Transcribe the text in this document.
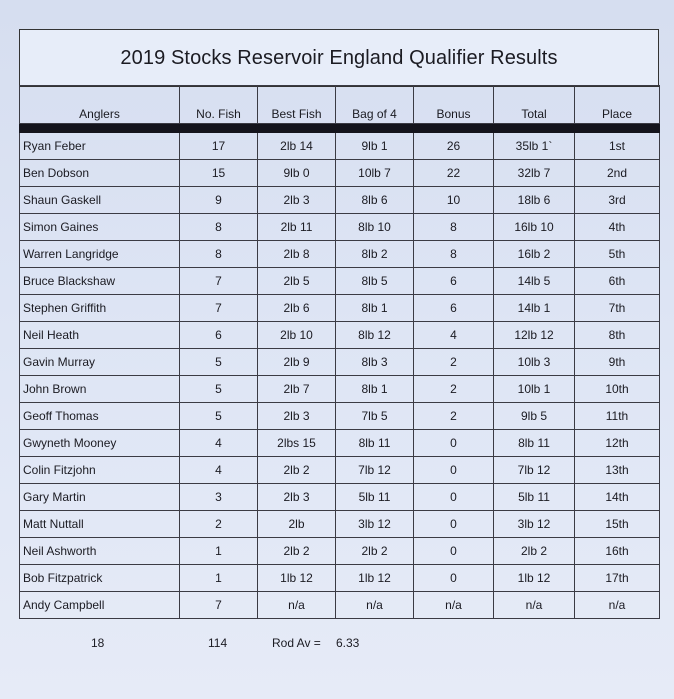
2019 Stocks Reservoir England Qualifier Results
Anglers	No. Fish	Best Fish	Bag of 4	Bonus	Total	Place

Ryan Feber	17	2lb 14	9lb 1	26	35lb 1`	1st
Ben Dobson	15	9lb 0	10lb 7	22	32lb 7	2nd
Shaun Gaskell	9	2lb 3	8lb 6	10	18lb 6	3rd
Simon Gaines	8	2lb 11	8lb 10	8	16lb 10	4th
Warren Langridge	8	2lb 8	8lb 2	8	16lb 2	5th
Bruce Blackshaw	7	2lb 5	8lb 5	6	14lb 5	6th
Stephen Griffith	7	2lb 6	8lb 1	6	14lb 1	7th
Neil Heath	6	2lb 10	8lb 12	4	12lb 12	8th
Gavin Murray	5	2lb 9	8lb 3	2	10lb 3	9th
John Brown	5	2lb 7	8lb 1	2	10lb 1	10th
Geoff Thomas	5	2lb 3	7lb 5	2	9lb 5	11th
Gwyneth Mooney	4	2lbs 15	8lb 11	0	8lb 11	12th
Colin Fitzjohn	4	2lb 2	7lb 12	0	7lb 12	13th
Gary Martin	3	2lb 3	5lb 11	0	5lb 11	14th
Matt Nuttall	2	2lb	3lb 12	0	3lb 12	15th
Neil Ashworth	1	2lb 2	2lb 2	0	2lb 2	16th
Bob Fitzpatrick	1	1lb 12	1lb 12	0	1lb 12	17th
Andy Campbell	7	n/a	n/a	n/a	n/a	n/a
18	114	Rod Av = 6.33
